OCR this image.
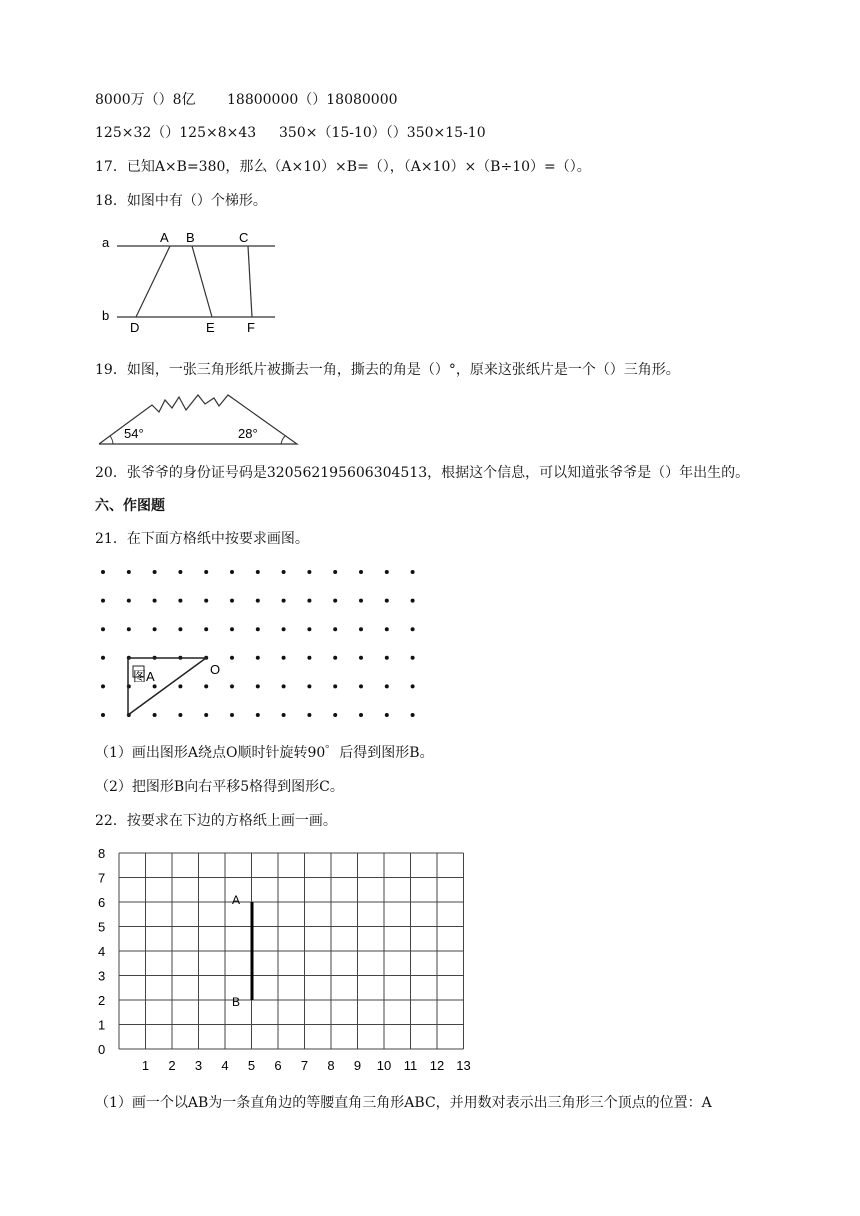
8000万（）8亿 18800000（）18080000
125×32（）125×8×43 350×（15-10）（）350×15-10
17．已知A×B=380，那么（A×10）×B=（），（A×10）×（B÷10）=（）。
18．如图中有（）个梯形。
a
b
A B	C
D	E F
19．如图，一张三角形纸片被撕去一角，撕去的角是（）°，原来这张纸片是一个（）三角形。
54°	28°
20．张爷爷的身份证号码是320562195606304513，根据这个信息，可以知道张爷爷是（）年出生的。
六、作图题
21．在下面方格纸中按要求画图。
图A	O
（1）画出图形A绕点O顺时针旋转90゜后得到图形B。
（2）把图形B向右平移5格得到图形C。
22．按要求在下边的方格纸上画一画。
0
1
2
3
4
5
6
7
8
1 2 3 4 5 6 7 8 9 10 11 12 13
A
B
（1）画一个以AB为一条直角边的等腰直角三角形ABC，并用数对表示出三角形三个顶点的位置：A
